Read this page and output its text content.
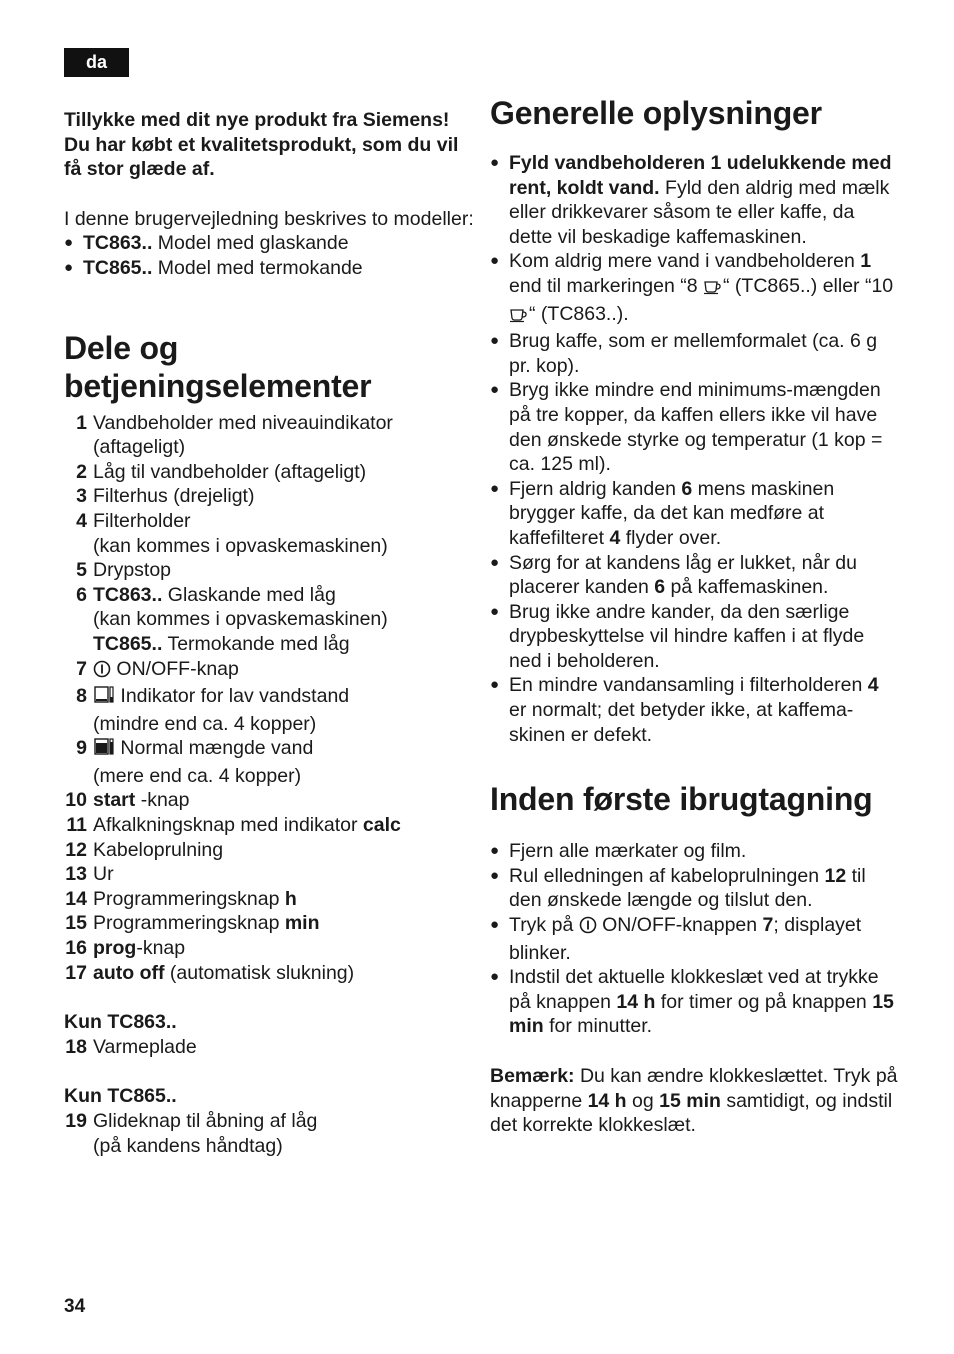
da

Tillykke med dit nye produkt fra Siemens! Du har købt et kvalitetsprodukt, som du vil få stor glæde af.

I denne brugervejledning beskrives to modeller:

● TC863.. Model med glaskande
● TC865.. Model med termokande
Dele og betjeningselementer
1 Vandbeholder med niveauindikator (aftageligt)
2 Låg til vandbeholder (aftageligt)
3 Filterhus (drejeligt)
4 Filterholder
(kan kommes i opvaskemaskinen)
5 Drypstop
6 TC863.. Glaskande med låg
(kan kommes i opvaskemaskinen)
TC865.. Termokande med låg
7 ON/OFF-knap
8 Indikator for lav vandstand
(mindre end ca. 4 kopper)
9 Normal mængde vand
(mere end ca. 4 kopper)
10 start -knap
11 Afkalkningsknap med indikator calc
12 Kabeloprulning
13 Ur
14 Programmeringsknap h
15 Programmeringsknap min
16 prog-knap
17 auto off (automatisk slukning)

Kun TC863..

18 Varmeplade

Kun TC865..

19 Glideknap til åbning af låg
(på kandens håndtag)
Generelle oplysninger
● Fyld vandbeholderen 1 udelukkende med rent, koldt vand. Fyld den aldrig med mælk eller drikkevarer såsom te eller kaffe, da dette vil beskadige kaffemaskinen.
● Kom aldrig mere vand i vandbeholderen 1 end til markeringen “8 “ (TC865..) eller “10 “ (TC863..).
● Brug kaffe, som er mellemformalet (ca. 6 g pr. kop).
● Bryg ikke mindre end minimums-mængden på tre kopper, da kaffen ellers ikke vil have den ønskede styrke og temperatur (1 kop = ca. 125 ml).
● Fjern aldrig kanden 6 mens maskinen brygger kaffe, da det kan medføre at kaffefilteret 4 flyder over.
● Sørg for at kandens låg er lukket, når du placerer kanden 6 på kaffemaskinen.
● Brug ikke andre kander, da den særlige drypbeskyttelse vil hindre kaffen i at flyde ned i beholderen.
● En mindre vandansamling i filterholderen 4 er normalt; det betyder ikke, at kaffema-skinen er defekt.
Inden første ibrugtagning
● Fjern alle mærkater og film.
● Rul elledningen af kabeloprulningen 12 til den ønskede længde og tilslut den.
● Tryk på  ON/OFF-knappen 7; displayet blinker.
● Indstil det aktuelle klokkeslæt ved at trykke på knappen 14 h for timer og på knappen 15 min for minutter.

Bemærk: Du kan ændre klokkeslættet. Tryk på knapperne 14 h og 15 min samtidigt, og indstil det korrekte klokkeslæt.

34
